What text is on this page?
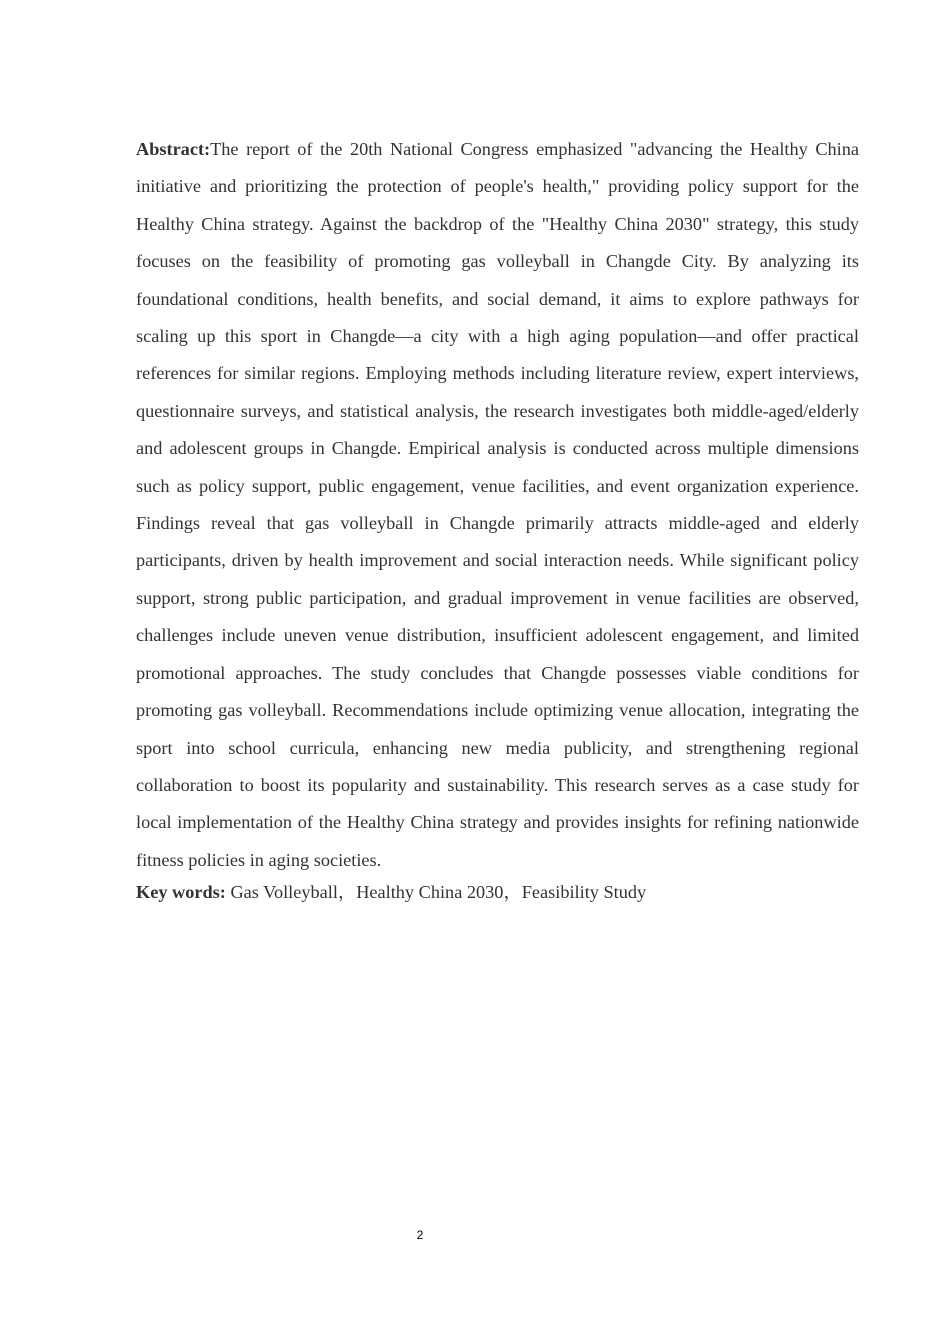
Abstract:The report of the 20th National Congress emphasized "advancing the Healthy China initiative and prioritizing the protection of people's health," providing policy support for the Healthy China strategy. Against the backdrop of the "Healthy China 2030" strategy, this study focuses on the feasibility of promoting gas volleyball in Changde City. By analyzing its foundational conditions, health benefits, and social demand, it aims to explore pathways for scaling up this sport in Changde—a city with a high aging population—and offer practical references for similar regions. Employing methods including literature review, expert interviews, questionnaire surveys, and statistical analysis, the research investigates both middle-aged/elderly and adolescent groups in Changde. Empirical analysis is conducted across multiple dimensions such as policy support, public engagement, venue facilities, and event organization experience. Findings reveal that gas volleyball in Changde primarily attracts middle-aged and elderly participants, driven by health improvement and social interaction needs. While significant policy support, strong public participation, and gradual improvement in venue facilities are observed, challenges include uneven venue distribution, insufficient adolescent engagement, and limited promotional approaches. The study concludes that Changde possesses viable conditions for promoting gas volleyball. Recommendations include optimizing venue allocation, integrating the sport into school curricula, enhancing new media publicity, and strengthening regional collaboration to boost its popularity and sustainability. This research serves as a case study for local implementation of the Healthy China strategy and provides insights for refining nationwide fitness policies in aging societies.

Key words: Gas Volleyball，Healthy China 2030，Feasibility Study

2
